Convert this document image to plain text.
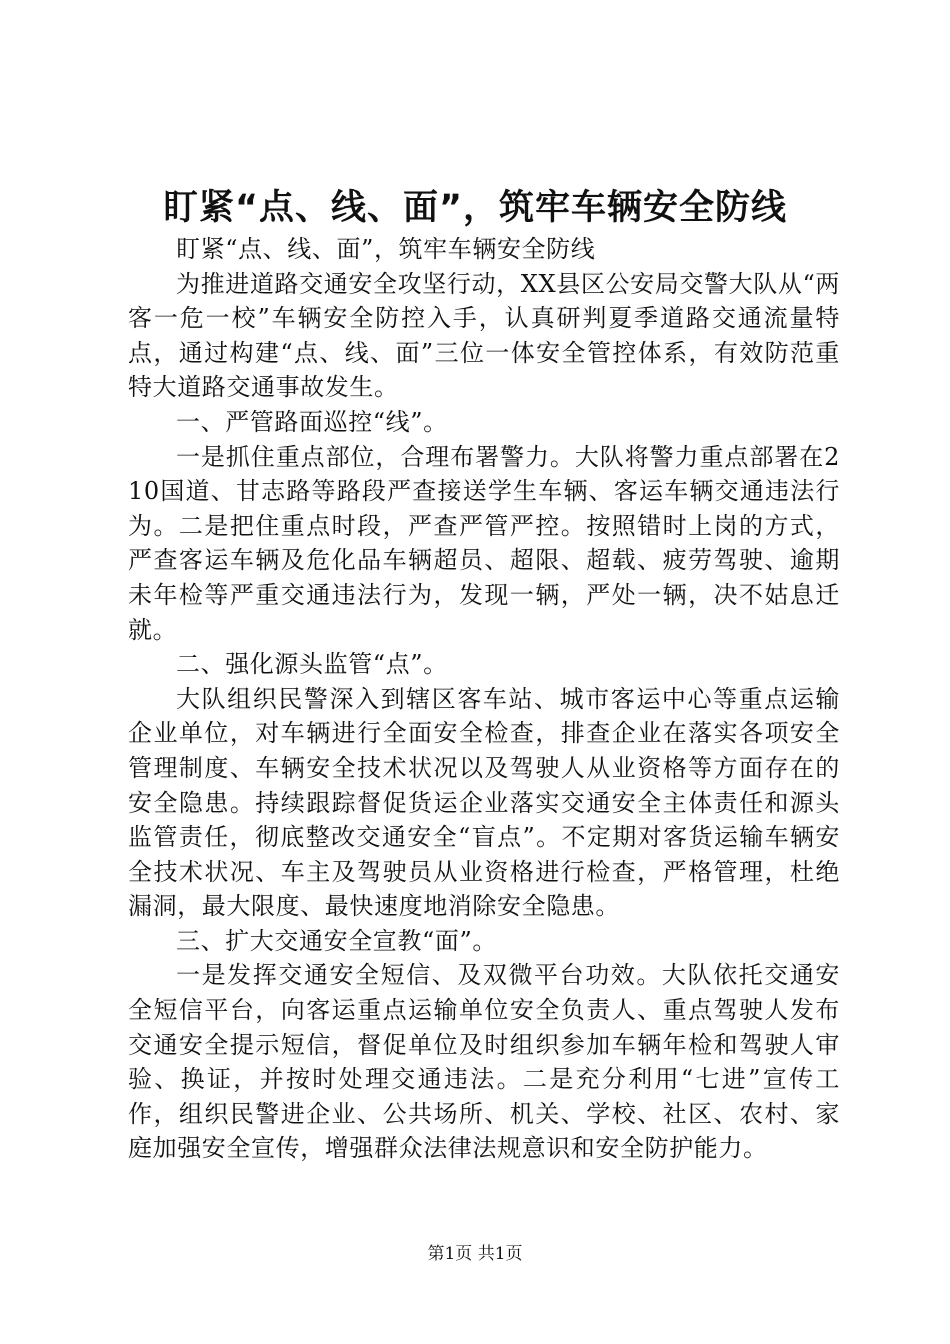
盯紧“点、线、面”，筑牢车辆安全防线

盯紧“点、线、面”，筑牢车辆安全防线

为推进道路交通安全攻坚行动，XX县区公安局交警大队从“两客一危一校”车辆安全防控入手，认真研判夏季道路交通流量特点，通过构建“点、线、面”三位一体安全管控体系，有效防范重特大道路交通事故发生。

一、严管路面巡控“线”。

一是抓住重点部位，合理布署警力。大队将警力重点部署在210国道、甘志路等路段严查接送学生车辆、客运车辆交通违法行为。二是把住重点时段，严查严管严控。按照错时上岗的方式，严查客运车辆及危化品车辆超员、超限、超载、疲劳驾驶、逾期未年检等严重交通违法行为，发现一辆，严处一辆，决不姑息迁就。

二、强化源头监管“点”。

大队组织民警深入到辖区客车站、城市客运中心等重点运输企业单位，对车辆进行全面安全检查，排查企业在落实各项安全管理制度、车辆安全技术状况以及驾驶人从业资格等方面存在的安全隐患。持续跟踪督促货运企业落实交通安全主体责任和源头监管责任，彻底整改交通安全“盲点”。不定期对客货运输车辆安全技术状况、车主及驾驶员从业资格进行检查，严格管理，杜绝漏洞，最大限度、最快速度地消除安全隐患。

三、扩大交通安全宣教“面”。

一是发挥交通安全短信、及双微平台功效。大队依托交通安全短信平台，向客运重点运输单位安全负责人、重点驾驶人发布交通安全提示短信，督促单位及时组织参加车辆年检和驾驶人审验、换证，并按时处理交通违法。二是充分利用“七进”宣传工作，组织民警进企业、公共场所、机关、学校、社区、农村、家庭加强安全宣传，增强群众法律法规意识和安全防护能力。

第1页 共1页
